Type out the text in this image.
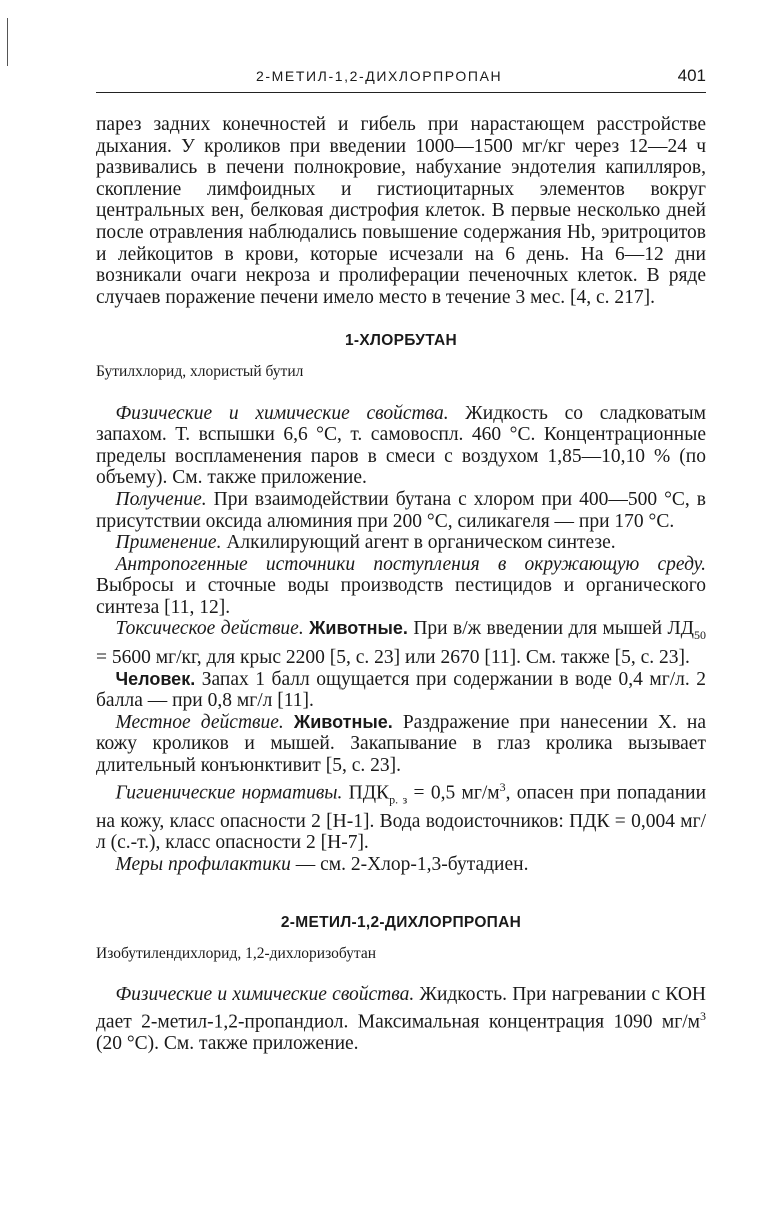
2-МЕТИЛ-1,2-ДИХЛОРПРОПАН	401

парез задних конечностей и гибель при нарастающем расстройстве дыхания. У кроликов при введении 1000—1500 мг/кг через 12—24 ч развивались в печени полнокровие, набухание эндотелия капилляров, скопление лимфоидных и гистиоцитарных элементов вокруг центральных вен, белковая дистрофия клеток. В первые несколько дней после отравления наблюдались повышение содержания Hb, эритроцитов и лейкоцитов в крови, которые исчезали на 6 день. На 6—12 дни возникали очаги некроза и пролиферации печеночных клеток. В ряде случаев поражение печени имело место в течение 3 мес. [4, с. 217].

1-ХЛОРБУТАН

Бутилхлорид, хлористый бутил

 Физические и химические свойства. Жидкость со сладковатым запахом. Т. вспышки 6,6 °С, т. самовоспл. 460 °С. Концентрационные пределы воспламенения паров в смеси с воздухом 1,85—10,10 % (по объему). См. также приложение.

 Получение. При взаимодействии бутана с хлором при 400—500 °С, в присутствии оксида алюминия при 200 °С, силикагеля — при 170 °С.

 Применение. Алкилирующий агент в органическом синтезе.

 Антропогенные источники поступления в окружающую среду. Выбросы и сточные воды производств пестицидов и органического синтеза [11, 12].

 Токсическое действие. Животные. При в/ж введении для мышей $ЛД_{50} = 5600$ мг/кг, для крыс 2200 [5, с. 23] или 2670 [11]. См. также [5, с. 23].

 Человек. Запах 1 балл ощущается при содержании в воде 0,4 мг/л. 2 балла — при 0,8 мг/л [11].

 Местное действие. Животные. Раздражение при нанесении Х. на кожу кроликов и мышей. Закапывание в глаз кролика вызывает длительный конъюнктивит [5, с. 23].

 Гигиенические нормативы. $ПДК_{р. з} = 0,5$ $мг/м^3$, опасен при попадании на кожу, класс опасности 2 [Н-1]. Вода водоисточников: ПДК = 0,004 мг/л (с.-т.), класс опасности 2 [Н-7].

 Меры профилактики — см. 2-Хлор-1,3-бутадиен.

2-МЕТИЛ-1,2-ДИХЛОРПРОПАН

Изобутилендихлорид, 1,2-дихлоризобутан

 Физические и химические свойства. Жидкость. При нагревании с КОН дает 2-метил-1,2-пропандиол. Максимальная концентрация 1090 $мг/м^3$ (20 °С). См. также приложение.
